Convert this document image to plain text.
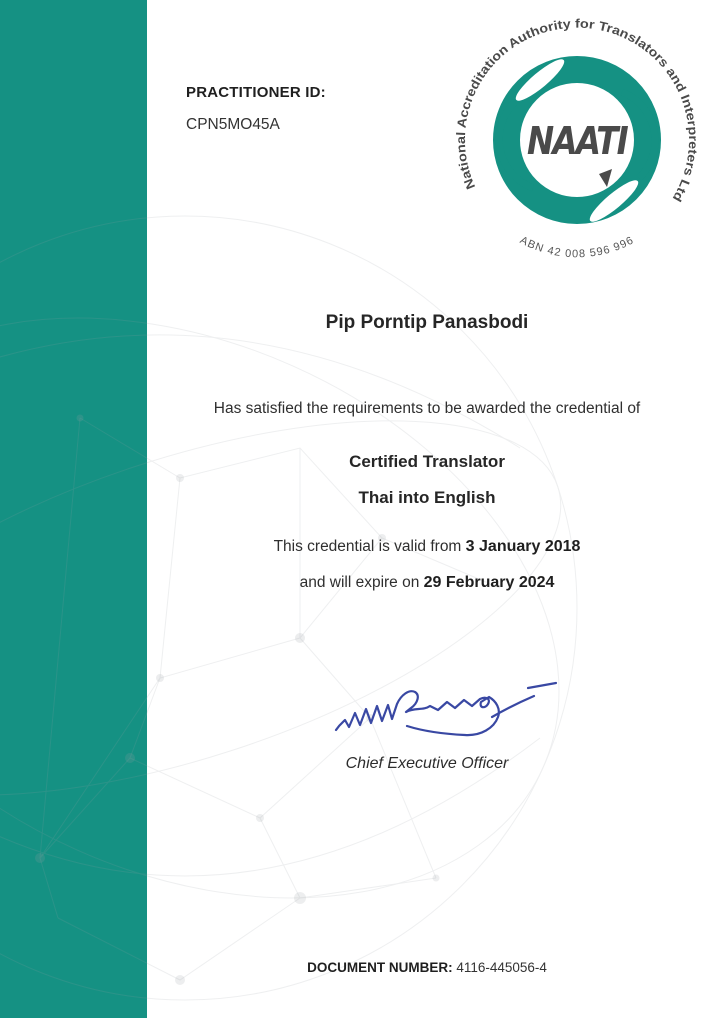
PRACTITIONER ID:
CPN5MO45A	NAATI
National Accreditation Authority for Translators and Interpreters Ltd
ABN 42 008 596 996
Pip Porntip Panasbodi
Has satisfied the requirements to be awarded the credential of
Certified Translator
Thai into English
This credential is valid from 3 January 2018
and will expire on 29 February 2024
Chief Executive Officer
DOCUMENT NUMBER: 4116-445056-4
